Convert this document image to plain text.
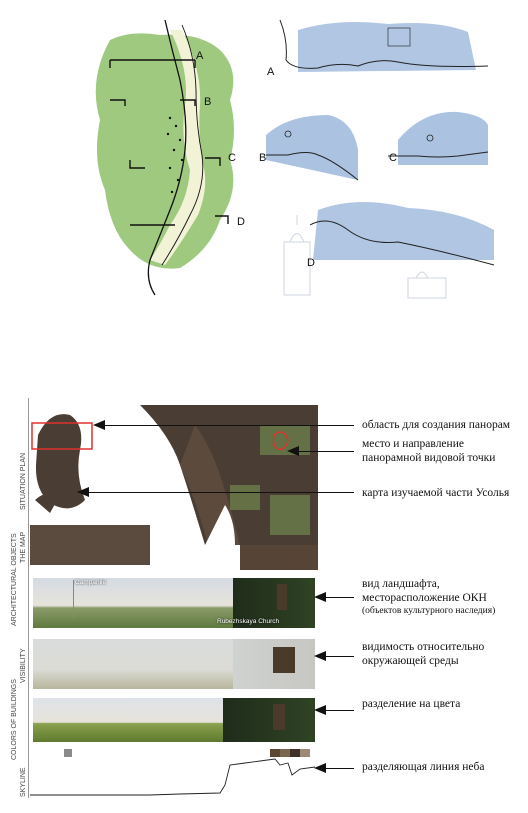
A
B
C
D
A
B	C
D
SITUATION PLAN
THE MAP
ARCHITECTURAL OBJECTS
VISIBILITY
COLORS OF BUILDINGS
SKYLINE
Campanile
Rubezhskaya Church
область для создания панорам
место и направление
панорамной видовой точки
карта изучаемой части Усолья
вид ландшафта,
месторасположение ОКН
(объектов культурного наследия)
видимость относительно
окружающей среды
разделение на цвета
разделяющая линия неба
